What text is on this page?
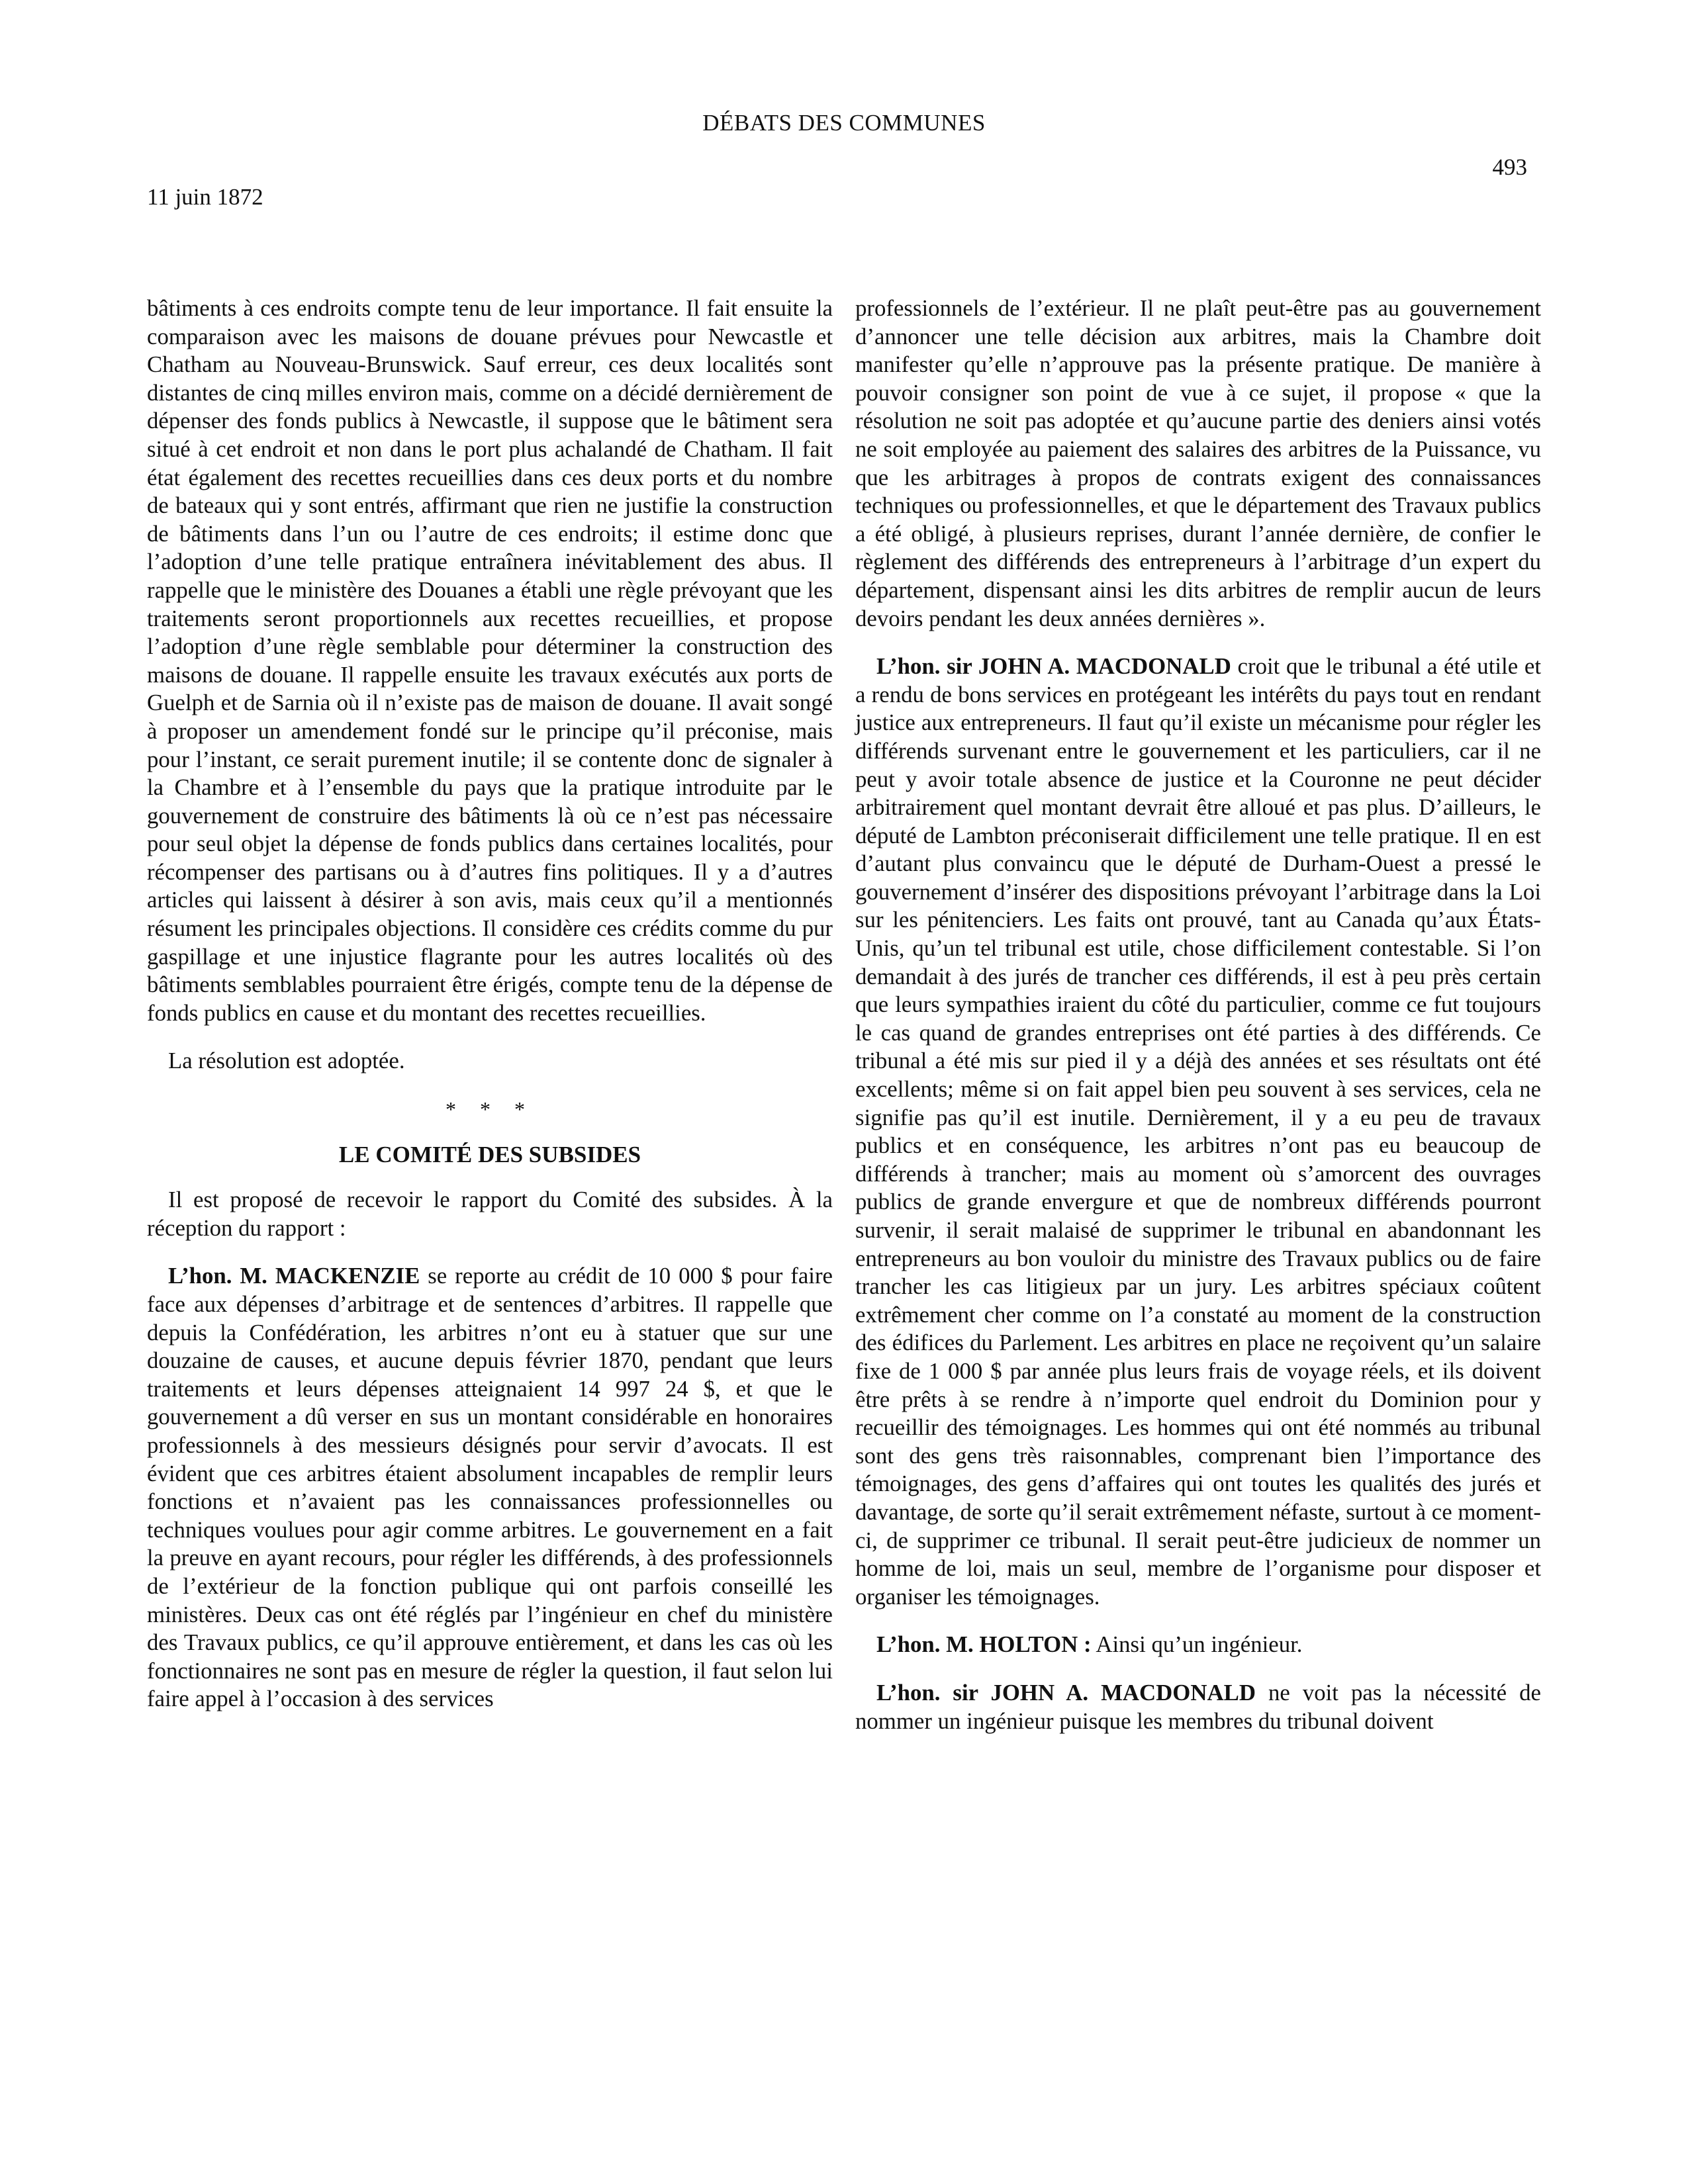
DÉBATS DES COMMUNES
493
11 juin 1872

bâtiments à ces endroits compte tenu de leur importance. Il fait ensuite la comparaison avec les maisons de douane prévues pour Newcastle et Chatham au Nouveau-Brunswick. Sauf erreur, ces deux localités sont distantes de cinq milles environ mais, comme on a décidé dernièrement de dépenser des fonds publics à Newcastle, il suppose que le bâtiment sera situé à cet endroit et non dans le port plus achalandé de Chatham. Il fait état également des recettes recueillies dans ces deux ports et du nombre de bateaux qui y sont entrés, affirmant que rien ne justifie la construction de bâtiments dans l’un ou l’autre de ces endroits; il estime donc que l’adoption d’une telle pratique entraînera inévitablement des abus. Il rappelle que le ministère des Douanes a établi une règle prévoyant que les traitements seront proportionnels aux recettes recueillies, et propose l’adoption d’une règle semblable pour déterminer la construction des maisons de douane. Il rappelle ensuite les travaux exécutés aux ports de Guelph et de Sarnia où il n’existe pas de maison de douane. Il avait songé à proposer un amendement fondé sur le principe qu’il préconise, mais pour l’instant, ce serait purement inutile; il se contente donc de signaler à la Chambre et à l’ensemble du pays que la pratique introduite par le gouvernement de construire des bâtiments là où ce n’est pas nécessaire pour seul objet la dépense de fonds publics dans certaines localités, pour récompenser des partisans ou à d’autres fins politiques. Il y a d’autres articles qui laissent à désirer à son avis, mais ceux qu’il a mentionnés résument les principales objections. Il considère ces crédits comme du pur gaspillage et une injustice flagrante pour les autres localités où des bâtiments semblables pourraient être érigés, compte tenu de la dépense de fonds publics en cause et du montant des recettes recueillies.

La résolution est adoptée.

* * *
LE COMITÉ DES SUBSIDES

Il est proposé de recevoir le rapport du Comité des subsides. À la réception du rapport :

L’hon. M. MACKENZIE se reporte au crédit de 10 000 $ pour faire face aux dépenses d’arbitrage et de sentences d’arbitres. Il rappelle que depuis la Confédération, les arbitres n’ont eu à statuer que sur une douzaine de causes, et aucune depuis février 1870, pendant que leurs traitements et leurs dépenses atteignaient 14 997 24 $, et que le gouvernement a dû verser en sus un montant considérable en honoraires professionnels à des messieurs désignés pour servir d’avocats. Il est évident que ces arbitres étaient absolument incapables de remplir leurs fonctions et n’avaient pas les connaissances professionnelles ou techniques voulues pour agir comme arbitres. Le gouvernement en a fait la preuve en ayant recours, pour régler les différends, à des professionnels de l’extérieur de la fonction publique qui ont parfois conseillé les ministères. Deux cas ont été réglés par l’ingénieur en chef du ministère des Travaux publics, ce qu’il approuve entièrement, et dans les cas où les fonctionnaires ne sont pas en mesure de régler la question, il faut selon lui faire appel à l’occasion à des services

professionnels de l’extérieur. Il ne plaît peut-être pas au gouvernement d’annoncer une telle décision aux arbitres, mais la Chambre doit manifester qu’elle n’approuve pas la présente pratique. De manière à pouvoir consigner son point de vue à ce sujet, il propose « que la résolution ne soit pas adoptée et qu’aucune partie des deniers ainsi votés ne soit employée au paiement des salaires des arbitres de la Puissance, vu que les arbitrages à propos de contrats exigent des connaissances techniques ou professionnelles, et que le département des Travaux publics a été obligé, à plusieurs reprises, durant l’année dernière, de confier le règlement des différends des entrepreneurs à l’arbitrage d’un expert du département, dispensant ainsi les dits arbitres de remplir aucun de leurs devoirs pendant les deux années dernières ».

L’hon. sir JOHN A. MACDONALD croit que le tribunal a été utile et a rendu de bons services en protégeant les intérêts du pays tout en rendant justice aux entrepreneurs. Il faut qu’il existe un mécanisme pour régler les différends survenant entre le gouvernement et les particuliers, car il ne peut y avoir totale absence de justice et la Couronne ne peut décider arbitrairement quel montant devrait être alloué et pas plus. D’ailleurs, le député de Lambton préconiserait difficilement une telle pratique. Il en est d’autant plus convaincu que le député de Durham-Ouest a pressé le gouvernement d’insérer des dispositions prévoyant l’arbitrage dans la Loi sur les pénitenciers. Les faits ont prouvé, tant au Canada qu’aux États-Unis, qu’un tel tribunal est utile, chose difficilement contestable. Si l’on demandait à des jurés de trancher ces différends, il est à peu près certain que leurs sympathies iraient du côté du particulier, comme ce fut toujours le cas quand de grandes entreprises ont été parties à des différends. Ce tribunal a été mis sur pied il y a déjà des années et ses résultats ont été excellents; même si on fait appel bien peu souvent à ses services, cela ne signifie pas qu’il est inutile. Dernièrement, il y a eu peu de travaux publics et en conséquence, les arbitres n’ont pas eu beaucoup de différends à trancher; mais au moment où s’amorcent des ouvrages publics de grande envergure et que de nombreux différends pourront survenir, il serait malaisé de supprimer le tribunal en abandonnant les entrepreneurs au bon vouloir du ministre des Travaux publics ou de faire trancher les cas litigieux par un jury. Les arbitres spéciaux coûtent extrêmement cher comme on l’a constaté au moment de la construction des édifices du Parlement. Les arbitres en place ne reçoivent qu’un salaire fixe de 1 000 $ par année plus leurs frais de voyage réels, et ils doivent être prêts à se rendre à n’importe quel endroit du Dominion pour y recueillir des témoignages. Les hommes qui ont été nommés au tribunal sont des gens très raisonnables, comprenant bien l’importance des témoignages, des gens d’affaires qui ont toutes les qualités des jurés et davantage, de sorte qu’il serait extrêmement néfaste, surtout à ce moment-ci, de supprimer ce tribunal. Il serait peut-être judicieux de nommer un homme de loi, mais un seul, membre de l’organisme pour disposer et organiser les témoignages.

L’hon. M. HOLTON : Ainsi qu’un ingénieur.

L’hon. sir JOHN A. MACDONALD ne voit pas la nécessité de nommer un ingénieur puisque les membres du tribunal doivent
